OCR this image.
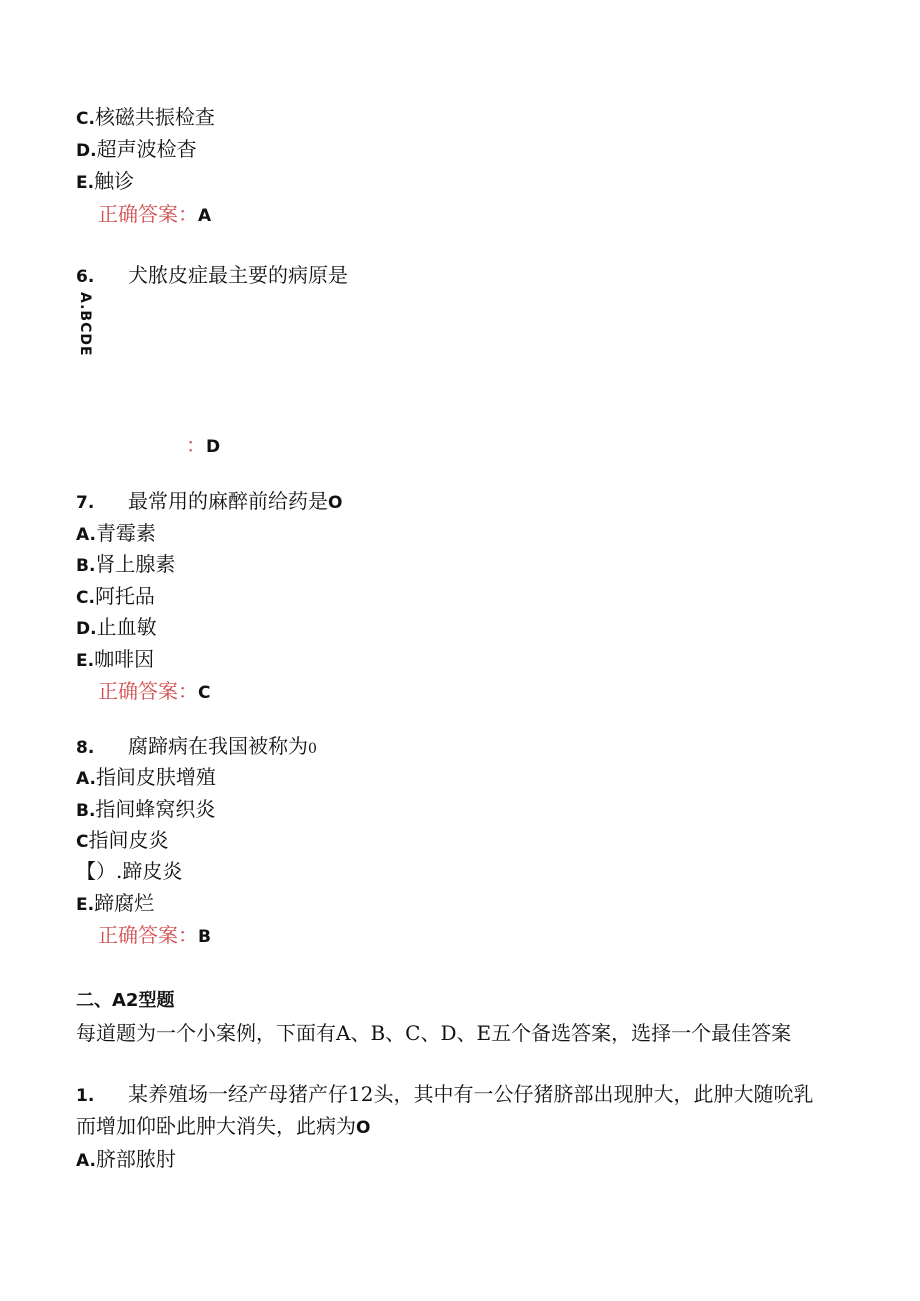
C.核磁共振检查
D.超声波检杳
E.触诊
正确答案：A
6. 犬脓皮症最主要的病原是
A.BCDE
：D
7. 最常用的麻醉前给药是O
A.青霉素
B.肾上腺素
C.阿托品
D.止血敏
E.咖啡因
正确答案：C
8. 腐蹄病在我国被称为0
A.指间皮肤增殖
B.指间蜂窝织炎
C指间皮炎
【）.蹄皮炎
E.蹄腐烂
正确答案：B
二、A2型题
每道题为一个小案例，下面有A、B、C、D、E五个备选答案，选择一个最佳答案
1. 某养殖场一经产母猪产仔12头，其中有一公仔猪脐部出现肿大，此肿大随吮乳而增加仰卧此肿大消失，此病为O
A.脐部脓肘
